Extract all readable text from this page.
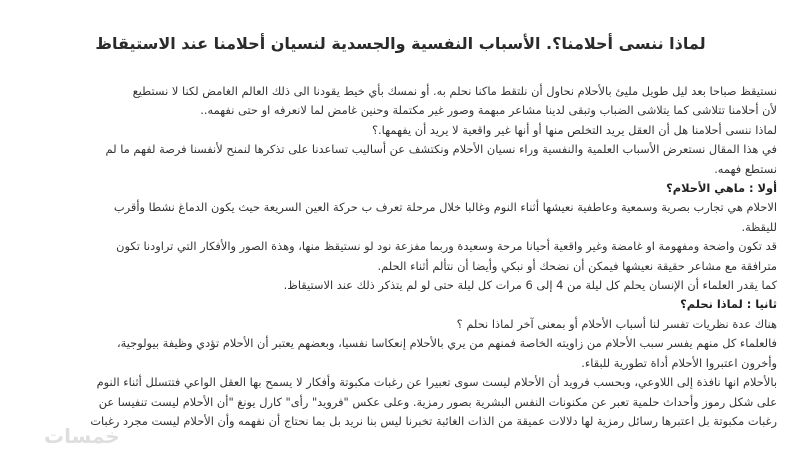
لماذا ننسى أحلامنا؟. الأسباب النفسية والجسدية لنسيان أحلامنا عند الاستيقاظ

نستيقظ صباحا بعد ليل طويل مليئ بالأحلام نحاول أن نلتقط ماكنا نحلم به. أو نمسك بأي خيط يقودنا الى ذلك العالم الغامض لكنا لا نستطيع

لأن أحلامنا تتلاشى كما يتلاشى الضباب وتبقى لدينا مشاعر مبهمة وصور غير مكتملة وحنين غامض لما لانعرفه او حتى نفهمه..

لماذا ننسى أحلامنا هل أن العقل يريد التخلص منها أو أنها غير واقعية لا يريد أن يفهمها.؟

في هذا المقال نستعرض الأسباب العلمية والنفسية وراء نسيان الأحلام ونكتشف عن أساليب تساعدنا على تذكرها لنمنح لأنفسنا فرصة لفهم ما لم

نستطع فهمه.

أولا : ماهي الأحلام؟

الاحلام هي تجارب بصرية وسمعية وعاطفية نعيشها أثناء النوم وغالبا خلال مرحلة تعرف ب حركة العين السريعة حيث يكون الدماغ نشطا وأقرب

لليقظة.

قد تكون واضحة ومفهومة او غامضة وغير واقعية أحيانا مرحة وسعيدة وربما مفزعة نود لو نستيقظ منها، وهذة الصور والأفكار التي تراودنا تكون

مترافقة مع مشاعر حقيقة نعيشها فيمكن أن نضحك أو نبكي وأيضا أن نتألم أثناء الحلم.

كما يقدر العلماء أن الإنسان يحلم كل ليلة من 4 إلى 6 مرات كل ليلة حتى لو لم يتذكر ذلك عند الاستيقاظ.

ثانيا : لماذا نحلم؟

هناك عدة نظريات تفسر لنا أسباب الأحلام أو بمعنى آخر لماذا نحلم ؟

فالعلماء كل منهم يفسر سبب الأحلام من زاويته الخاصة فمنهم من يري بالأحلام إنعكاسا نفسيا، وبعضهم يعتبر أن الأحلام تؤدي وظيفة بيولوجية،

وأخرون اعتبروا الأحلام أداة تطورية للبقاء.

بالأحلام انها نافذة إلى اللاوعي، وبحسب فرويد أن الأحلام ليست سوى تعبيرا عن رغبات مكبوتة وأفكار لا يسمح بها العقل الواعي فتتسلل أثناء النوم

على شكل رموز وأحداث حلمية تعبر عن مكنونات النفس البشرية بصور رمزية. وعلى عكس "فرويد" رأى" كارل يونغ "أن الأحلام ليست تنفيسا عن

رغبات مكبوتة بل اعتبرها رسائل رمزية لها دلالات عميقة من الذات الغائبة تخبرنا ليس بنا نريد بل بما نحتاج أن نفهمه وأن الأحلام ليست مجرد رغبات

خمسات
